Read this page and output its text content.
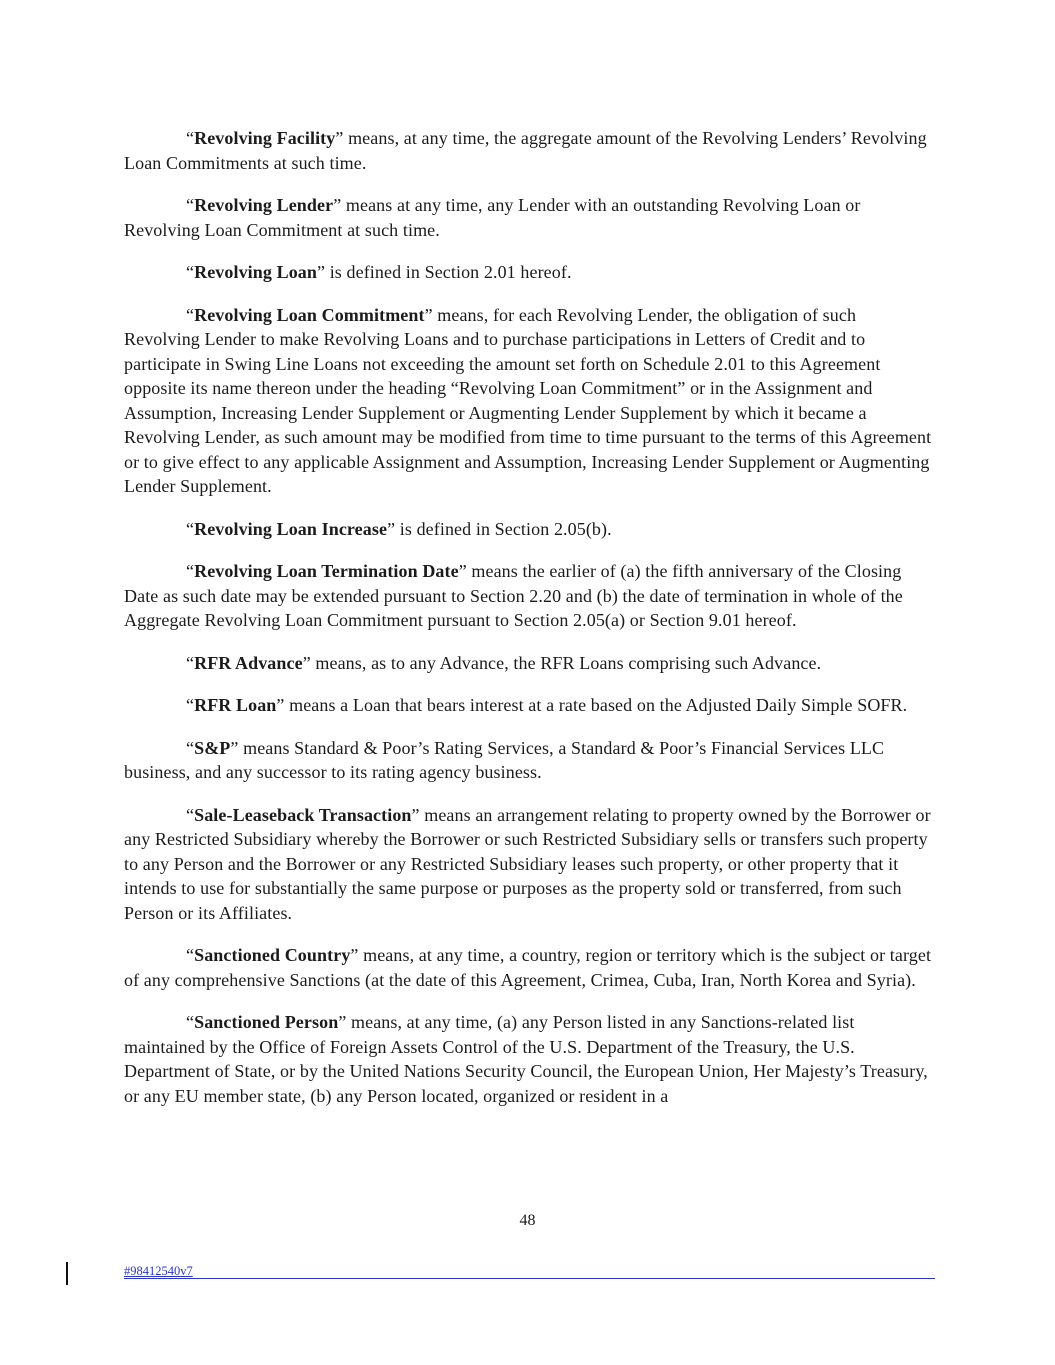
“Revolving Facility” means, at any time, the aggregate amount of the Revolving Lenders’ Revolving Loan Commitments at such time.

“Revolving Lender” means at any time, any Lender with an outstanding Revolving Loan or Revolving Loan Commitment at such time.

“Revolving Loan” is defined in Section 2.01 hereof.

“Revolving Loan Commitment” means, for each Revolving Lender, the obligation of such Revolving Lender to make Revolving Loans and to purchase participations in Letters of Credit and to participate in Swing Line Loans not exceeding the amount set forth on Schedule 2.01 to this Agreement opposite its name thereon under the heading “Revolving Loan Commitment” or in the Assignment and Assumption, Increasing Lender Supplement or Augmenting Lender Supplement by which it became a Revolving Lender, as such amount may be modified from time to time pursuant to the terms of this Agreement or to give effect to any applicable Assignment and Assumption, Increasing Lender Supplement or Augmenting Lender Supplement.

“Revolving Loan Increase” is defined in Section 2.05(b).

“Revolving Loan Termination Date” means the earlier of (a) the fifth anniversary of the Closing Date as such date may be extended pursuant to Section 2.20 and (b) the date of termination in whole of the Aggregate Revolving Loan Commitment pursuant to Section 2.05(a) or Section 9.01 hereof.

“RFR Advance” means, as to any Advance, the RFR Loans comprising such Advance.

“RFR Loan” means a Loan that bears interest at a rate based on the Adjusted Daily Simple SOFR.

“S&P” means Standard & Poor’s Rating Services, a Standard & Poor’s Financial Services LLC business, and any successor to its rating agency business.

“Sale-Leaseback Transaction” means an arrangement relating to property owned by the Borrower or any Restricted Subsidiary whereby the Borrower or such Restricted Subsidiary sells or transfers such property to any Person and the Borrower or any Restricted Subsidiary leases such property, or other property that it intends to use for substantially the same purpose or purposes as the property sold or transferred, from such Person or its Affiliates.

“Sanctioned Country” means, at any time, a country, region or territory which is the subject or target of any comprehensive Sanctions (at the date of this Agreement, Crimea, Cuba, Iran, North Korea and Syria).

“Sanctioned Person” means, at any time, (a) any Person listed in any Sanctions-related list maintained by the Office of Foreign Assets Control of the U.S. Department of the Treasury, the U.S. Department of State, or by the United Nations Security Council, the European Union, Her Majesty’s Treasury, or any EU member state, (b) any Person located, organized or resident in a

48
#98412540v7
